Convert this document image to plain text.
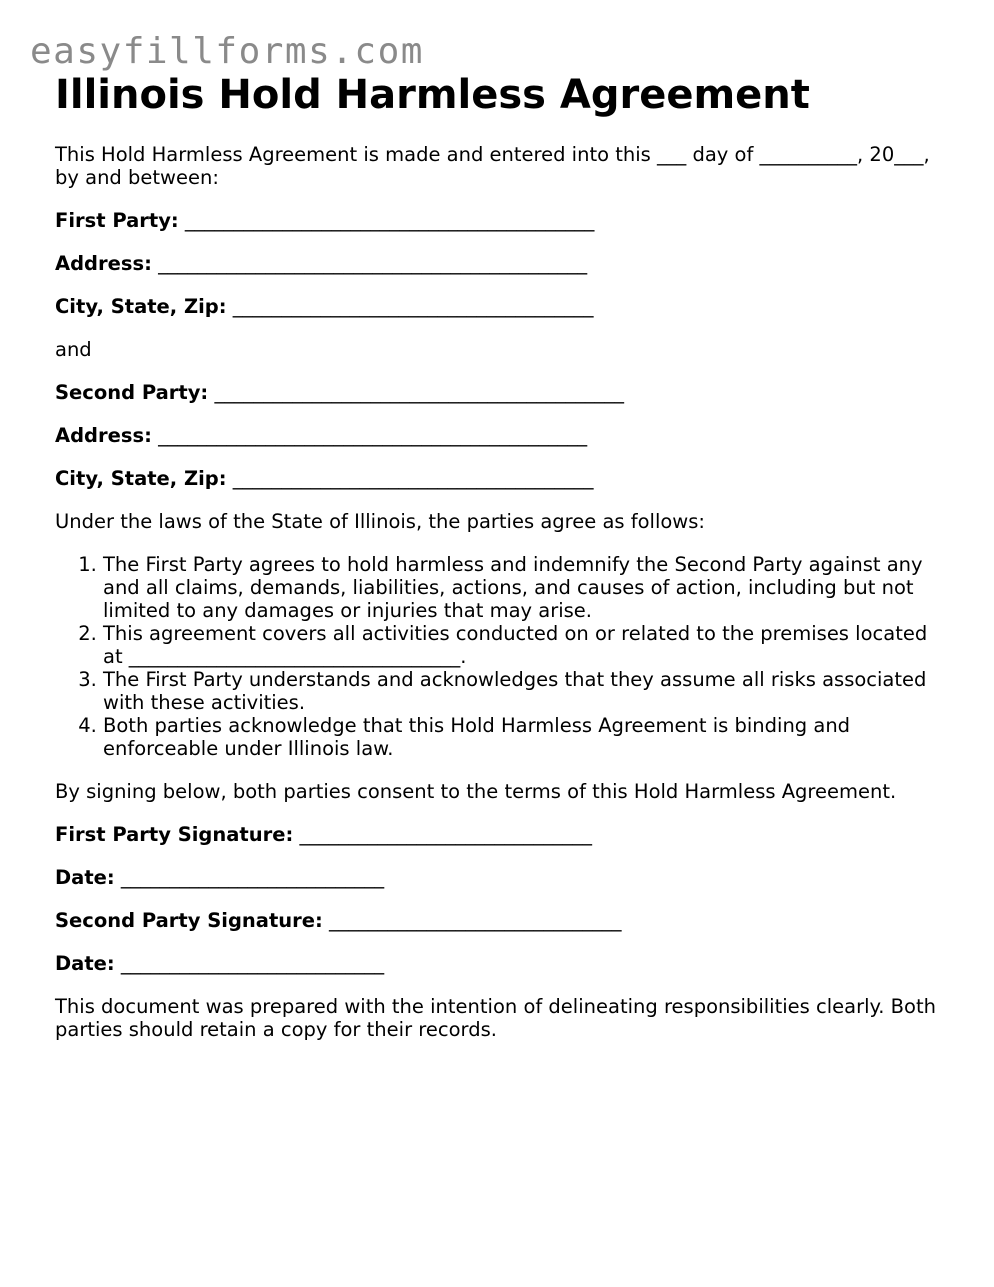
easyfillforms.com
Illinois Hold Harmless Agreement

This Hold Harmless Agreement is made and entered into this ___ day of __________, 20___, by and between:

First Party: __________________________________________

Address: ____________________________________________

City, State, Zip: _____________________________________

and

Second Party: __________________________________________

Address: ____________________________________________

City, State, Zip: _____________________________________

Under the laws of the State of Illinois, the parties agree as follows:

1. The First Party agrees to hold harmless and indemnify the Second Party against any and all claims, demands, liabilities, actions, and causes of action, including but not limited to any damages or injuries that may arise.
2. This agreement covers all activities conducted on or related to the premises located at __________________________________.
3. The First Party understands and acknowledges that they assume all risks associated with these activities.
4. Both parties acknowledge that this Hold Harmless Agreement is binding and enforceable under Illinois law.

By signing below, both parties consent to the terms of this Hold Harmless Agreement.

First Party Signature: ______________________________

Date: ___________________________

Second Party Signature: ______________________________

Date: ___________________________

This document was prepared with the intention of delineating responsibilities clearly. Both parties should retain a copy for their records.
